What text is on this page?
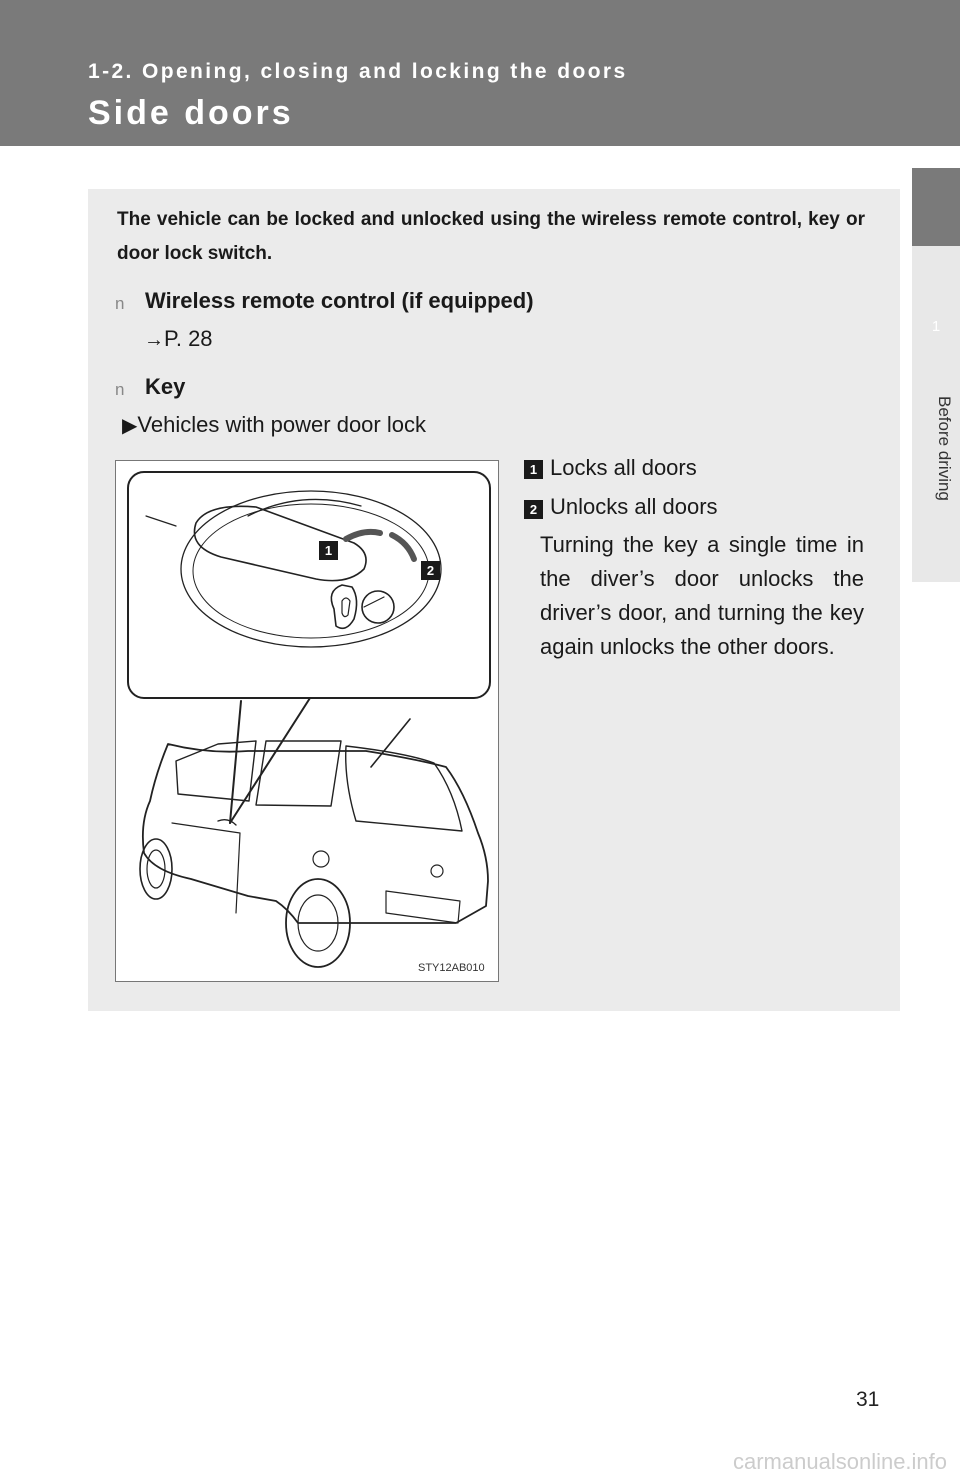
1-2. Opening, closing and locking the doors
Side doors
1
Before driving
The vehicle can be locked and unlocked using the wireless remote control, key or door lock switch.
n Wireless remote control (if equipped)
→P. 28
n Key
▶Vehicles with power door lock
1
2
STY12AB010
1 Locks all doors
2 Unlocks all doors
Turning the key a single time in the diver’s door unlocks the driver’s door, and turning the key again unlocks the other doors.
31
carmanualsonline.info
